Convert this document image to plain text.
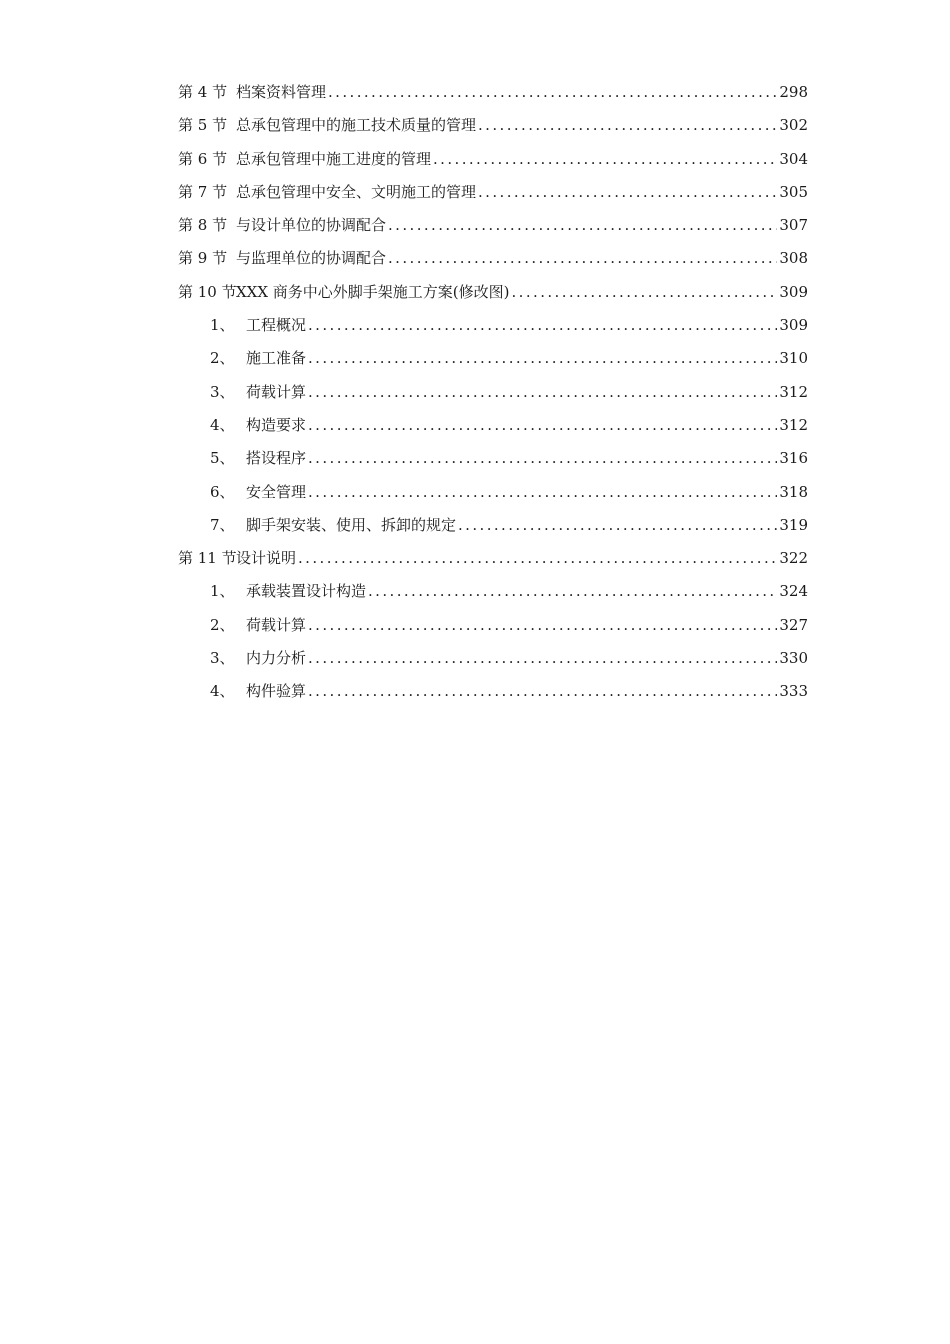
第 4 节 档案资料管理 .....	298
第 5 节 总承包管理中的施工技术质量的管理 .....	302
第 6 节 总承包管理中施工进度的管理 .....	304
第 7 节 总承包管理中安全、文明施工的管理 .....	305
第 8 节 与设计单位的协调配合 .....	307
第 9 节 与监理单位的协调配合 .....	308
第 10 节 XXX 商务中心外脚手架施工方案(修改图) .....	309
1、 工程概况 .....	309
2、 施工准备 .....	310
3、 荷载计算 .....	312
4、 构造要求 .....	312
5、 搭设程序 .....	316
6、 安全管理 .....	318
7、 脚手架安装、使用、拆卸的规定 .....	319
第 11 节 设计说明 .....	322
1、 承载装置设计构造 .....	324
2、 荷载计算 .....	327
3、 内力分析 .....	330
4、 构件验算 .....	333
